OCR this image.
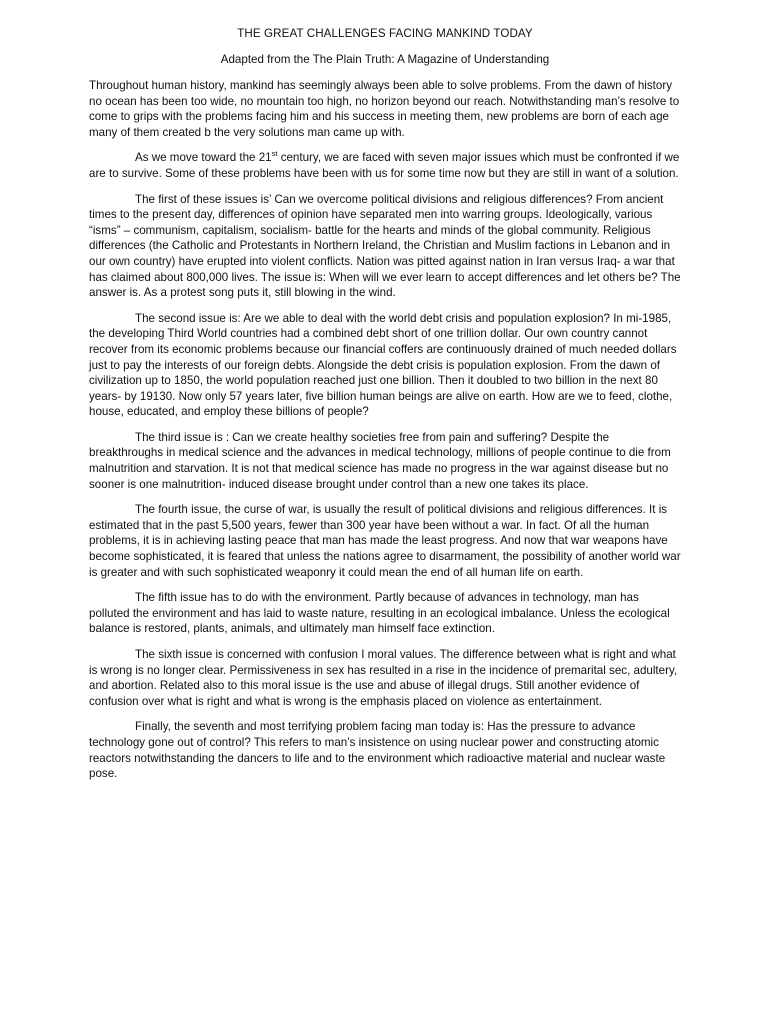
THE GREAT CHALLENGES FACING MANKIND TODAY
Adapted from the The Plain Truth: A Magazine of Understanding

Throughout human history, mankind has seemingly always been able to solve problems. From the dawn of history no ocean has been too wide, no mountain too high, no horizon beyond our reach. Notwithstanding man’s resolve to come to grips with the problems facing him and his success in meeting them, new problems are born of each age many of them created b the very solutions man came up with.

As we move toward the 21st century, we are faced with seven major issues which must be confronted if we are to survive. Some of these problems have been with us for some time now but they are still in want of a solution.

The first of these issues is’ Can we overcome political divisions and religious differences? From ancient times to the present day, differences of opinion have separated men into warring groups. Ideologically, various “isms” – communism, capitalism, socialism- battle for the hearts and minds of the global community. Religious differences (the Catholic and Protestants in Northern Ireland, the Christian and Muslim factions in Lebanon and in our own country) have erupted into violent conflicts. Nation was pitted against nation in Iran versus Iraq- a war that has claimed about 800,000 lives. The issue is: When will we ever learn to accept differences and let others be? The answer is. As a protest song puts it, still blowing in the wind.

The second issue is: Are we able to deal with the world debt crisis and population explosion? In mi-1985, the developing Third World countries had a combined debt short of one trillion dollar. Our own country cannot recover from its economic problems because our financial coffers are continuously drained of much needed dollars just to pay the interests of our foreign debts. Alongside the debt crisis is population explosion. From the dawn of civilization up to 1850, the world population reached just one billion. Then it doubled to two billion in the next 80 years- by 19130. Now only 57 years later, five billion human beings are alive on earth. How are we to feed, clothe, house, educated, and employ these billions of people?

The third issue is : Can we create healthy societies free from pain and suffering? Despite the breakthroughs in medical science and the advances in medical technology, millions of people continue to die from malnutrition and starvation. It is not that medical science has made no progress in the war against disease but no sooner is one malnutrition- induced disease brought under control than a new one takes its place.

The fourth issue, the curse of war, is usually the result of political divisions and religious differences. It is estimated that in the past 5,500 years, fewer than 300 year have been without a war. In fact. Of all the human problems, it is in achieving lasting peace that man has made the least progress. And now that war weapons have become sophisticated, it is feared that unless the nations agree to disarmament, the possibility of another world war is greater and with such sophisticated weaponry it could mean the end of all human life on earth.

The fifth issue has to do with the environment. Partly because of advances in technology, man has polluted the environment and has laid to waste nature, resulting in an ecological imbalance. Unless the ecological balance is restored, plants, animals, and ultimately man himself face extinction.

The sixth issue is concerned with confusion I moral values. The difference between what is right and what is wrong is no longer clear. Permissiveness in sex has resulted in a rise in the incidence of premarital sec, adultery, and abortion. Related also to this moral issue is the use and abuse of illegal drugs. Still another evidence of confusion over what is right and what is wrong is the emphasis placed on violence as entertainment.

Finally, the seventh and most terrifying problem facing man today is: Has the pressure to advance technology gone out of control? This refers to man’s insistence on using nuclear power and constructing atomic reactors notwithstanding the dancers to life and to the environment which radioactive material and nuclear waste pose.
